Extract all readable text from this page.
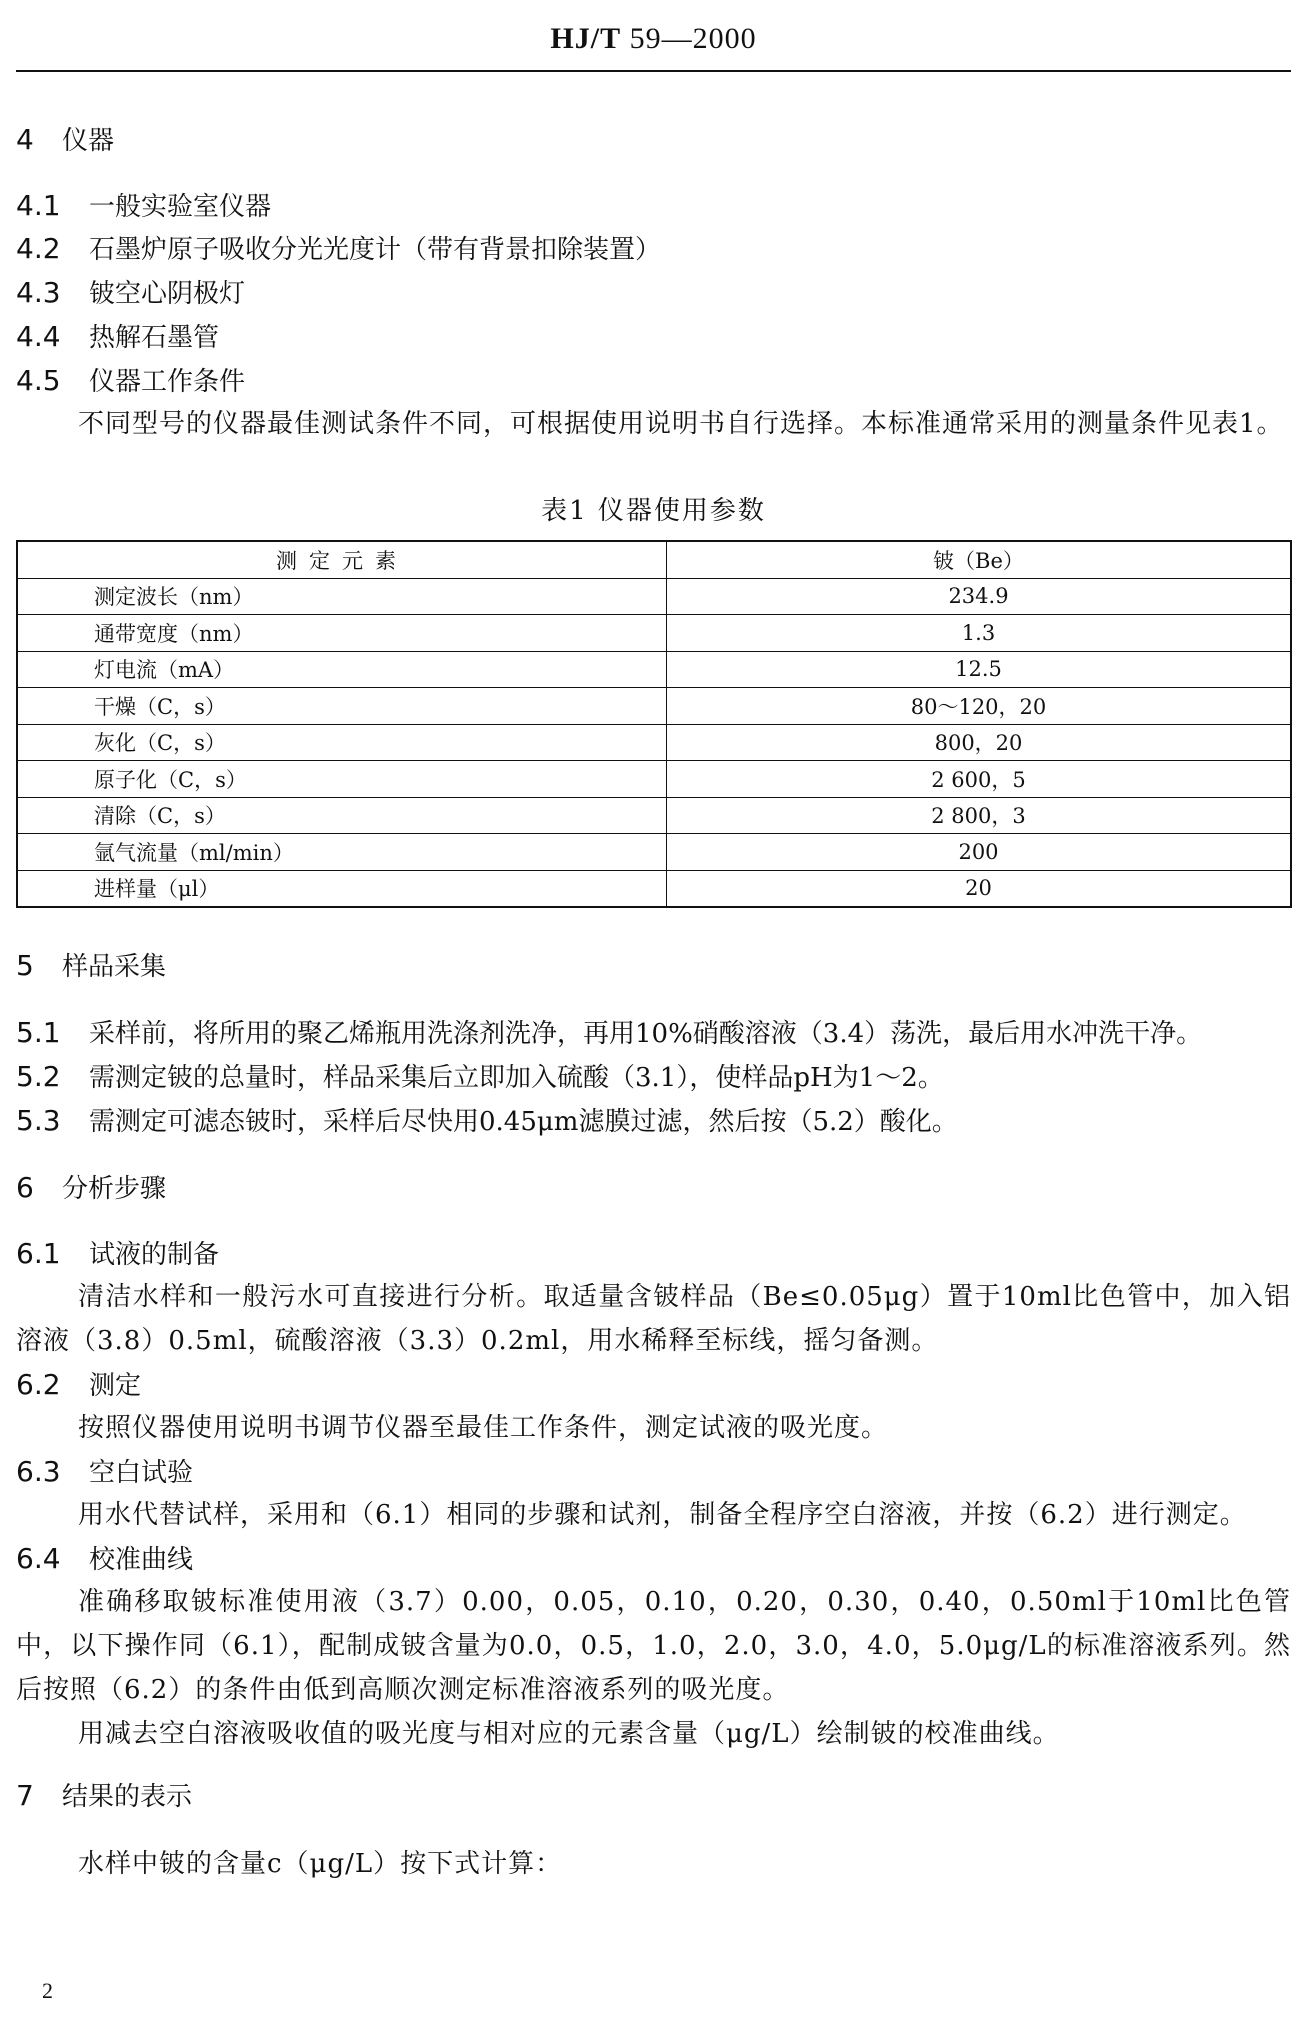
HJ/T 59—2000
4 仪器
4.1 一般实验室仪器
4.2 石墨炉原子吸收分光光度计（带有背景扣除装置）
4.3 铍空心阴极灯
4.4 热解石墨管
4.5 仪器工作条件
不同型号的仪器最佳测试条件不同，可根据使用说明书自行选择。本标准通常采用的测量条件见表1。
表1 仪器使用参数
测定元素	铍（Be）
测定波长（nm）	234.9
通带宽度（nm）	1.3
灯电流（mA）	12.5
干燥（C，s）	80～120，20
灰化（C，s）	800，20
原子化（C，s）	2 600，5
清除（C，s）	2 800，3
氩气流量（ml/min）	200
进样量（μl）	20
5 样品采集
5.1 采样前，将所用的聚乙烯瓶用洗涤剂洗净，再用10%硝酸溶液（3.4）荡洗，最后用水冲洗干净。
5.2 需测定铍的总量时，样品采集后立即加入硫酸（3.1），使样品pH为1～2。
5.3 需测定可滤态铍时，采样后尽快用0.45μm滤膜过滤，然后按（5.2）酸化。
6 分析步骤
6.1 试液的制备
清洁水样和一般污水可直接进行分析。取适量含铍样品（Be≤0.05μg）置于10ml比色管中，加入铝溶液（3.8）0.5ml，硫酸溶液（3.3）0.2ml，用水稀释至标线，摇匀备测。
6.2 测定
按照仪器使用说明书调节仪器至最佳工作条件，测定试液的吸光度。
6.3 空白试验
用水代替试样，采用和（6.1）相同的步骤和试剂，制备全程序空白溶液，并按（6.2）进行测定。
6.4 校准曲线
准确移取铍标准使用液（3.7）0.00，0.05，0.10，0.20，0.30，0.40，0.50ml于10ml比色管中，以下操作同（6.1），配制成铍含量为0.0，0.5，1.0，2.0，3.0，4.0，5.0μg/L的标准溶液系列。然后按照（6.2）的条件由低到高顺次测定标准溶液系列的吸光度。
用减去空白溶液吸收值的吸光度与相对应的元素含量（μg/L）绘制铍的校准曲线。
7 结果的表示
水样中铍的含量c（μg/L）按下式计算：
2
